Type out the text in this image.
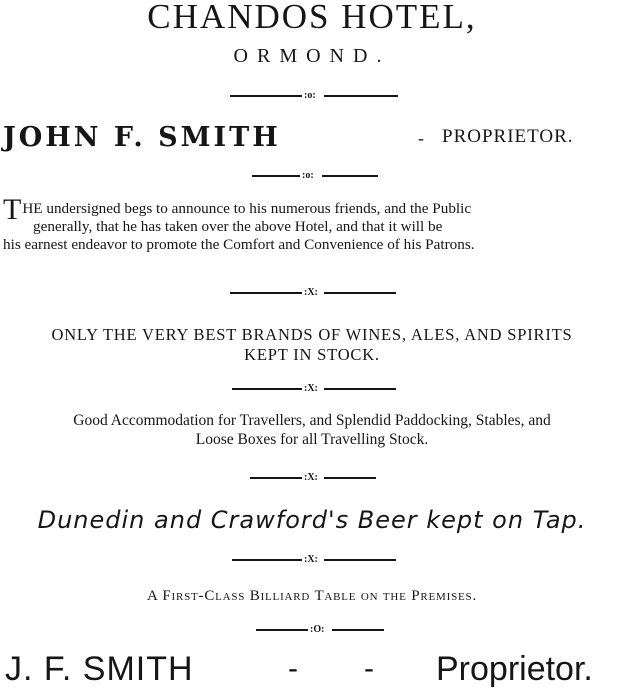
CHANDOS HOTEL,
ORMOND.
:o:
JOHN F. SMITH	- PROPRIETOR.
:o:

THE undersigned begs to announce to his numerous friends, and the Public

generally, that he has taken over the above Hotel, and that it will be

his earnest endeavor to promote the Comfort and Convenience of his Patrons.

:X:
ONLY THE VERY BEST BRANDS OF WINES, ALES, AND SPIRITS
KEPT IN STOCK.
:X:
Good Accommodation for Travellers, and Splendid Paddocking, Stables, and
Loose Boxes for all Travelling Stock.
:X:
Dunedin and Crawford's Beer kept on Tap.
:X:
A First-Class Billiard Table on the Premises.
:O:
J. F. SMITH	- - Proprietor.
